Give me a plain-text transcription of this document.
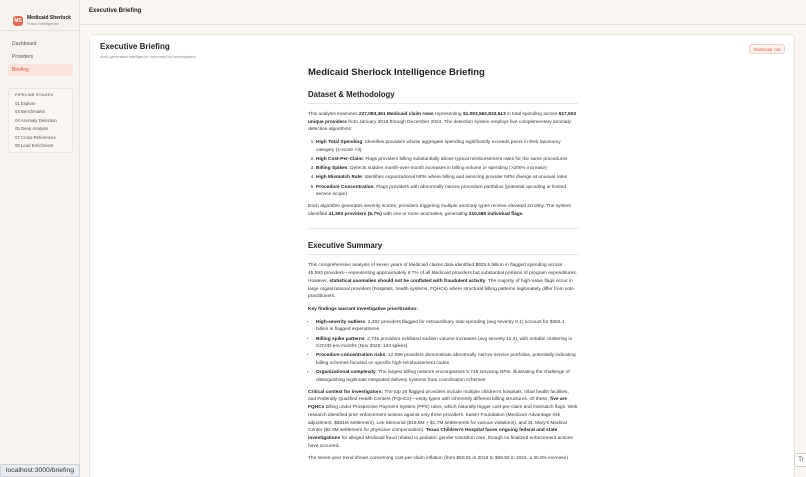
MS Medicaid Sherlock
Fraud Intelligence
Dashboard
Providers
Briefing
PIPELINE STAGES
01 Explore
03 Benchmarks
04 Anomaly Detection
05 Deep Analysis
07 Cross-References
08 Lead Enrichment
Executive Briefing
Executive Briefing
Auto-generated intelligence summary for investigators
Download .md
Medicaid Sherlock Intelligence Briefing
Dataset & Methodology

This analysis examines 227,083,361 Medicaid claim rows representing $1,093,562,833,513 in total spending across 617,503 unique providers from January 2018 through December 2024. The detection system employs five complementary anomaly detection algorithms:

1. High Total Spending: Identifies providers whose aggregate spending significantly exceeds peers in their taxonomy category (z-score >3)
2. High Cost-Per-Claim: Flags providers billing substantially above typical reimbursement rates for the same procedures
3. Billing Spikes: Detects sudden month-over-month increases in billing volume or spending (>200% increase)
4. High Mismatch Rate: Identifies organizational NPIs where billing and servicing provider NPIs diverge at unusual rates
5. Procedure Concentration: Flags providers with abnormally narrow procedure portfolios (potential upcoding or limited service scope)

Each algorithm generates severity scores; providers triggering multiple anomaly types receive elevated scrutiny. The system identified 41,593 providers (6.7%) with one or more anomalies, generating 210,580 individual flags.

Executive Summary

This comprehensive analysis of seven years of Medicaid claims data identified $925.6 billion in flagged spending across 45,593 providers—representing approximately 6.7% of all Medicaid providers but substantial portions of program expenditures. However, statistical anomalies should not be conflated with fraudulent activity. The majority of high-value flags occur in large organizational providers (hospitals, health systems, FQHCs) where structural billing patterns legitimately differ from solo practitioners.

Key findings warrant investigative prioritization:

• High-severity outliers: 2,492 providers flagged for extraordinary total spending (avg severity 8.1) account for $366.1 billion in flagged expenditures
• Billing spike patterns: 2,746 providers exhibited sudden volume increases (avg severity 11.3), with notable clustering in COVID-era months (Nov 2020: 134 spikes)
• Procedure concentration risks: 12,099 providers demonstrate abnormally narrow service portfolios, potentially indicating billing schemes focused on specific high-reimbursement codes
• Organizational complexity: The largest billing network encompasses 5,745 servicing NPIs, illustrating the challenge of distinguishing legitimate integrated delivery systems from coordination schemes

Critical context for investigators: The top 20 flagged providers include multiple children's hospitals, tribal health facilities, and Federally Qualified Health Centers (FQHCs)—entity types with inherently different billing structures. Of these, five are FQHCs billing under Prospective Payment System (PPS) rates, which naturally trigger cost-per-claim and mismatch flags. Web research identified prior enforcement actions against only three providers: Kaiser Foundation (Medicare Advantage risk adjustment, $581M settlement), Lee Memorial ($16.8M + $1.7M settlements for various violations), and St. Mary's Medical Center ($2.3M settlement for physician compensation). Texas Children's Hospital faces ongoing federal and state investigations for alleged Medicaid fraud related to pediatric gender transition care, though no finalized enforcement actions have occurred.

The seven-year trend shows concerning cost-per-claim inflation (from $50.91 in 2018 to $69.82 in 2024, a 30.8% increase)

localhost:3000/briefing
Tr
